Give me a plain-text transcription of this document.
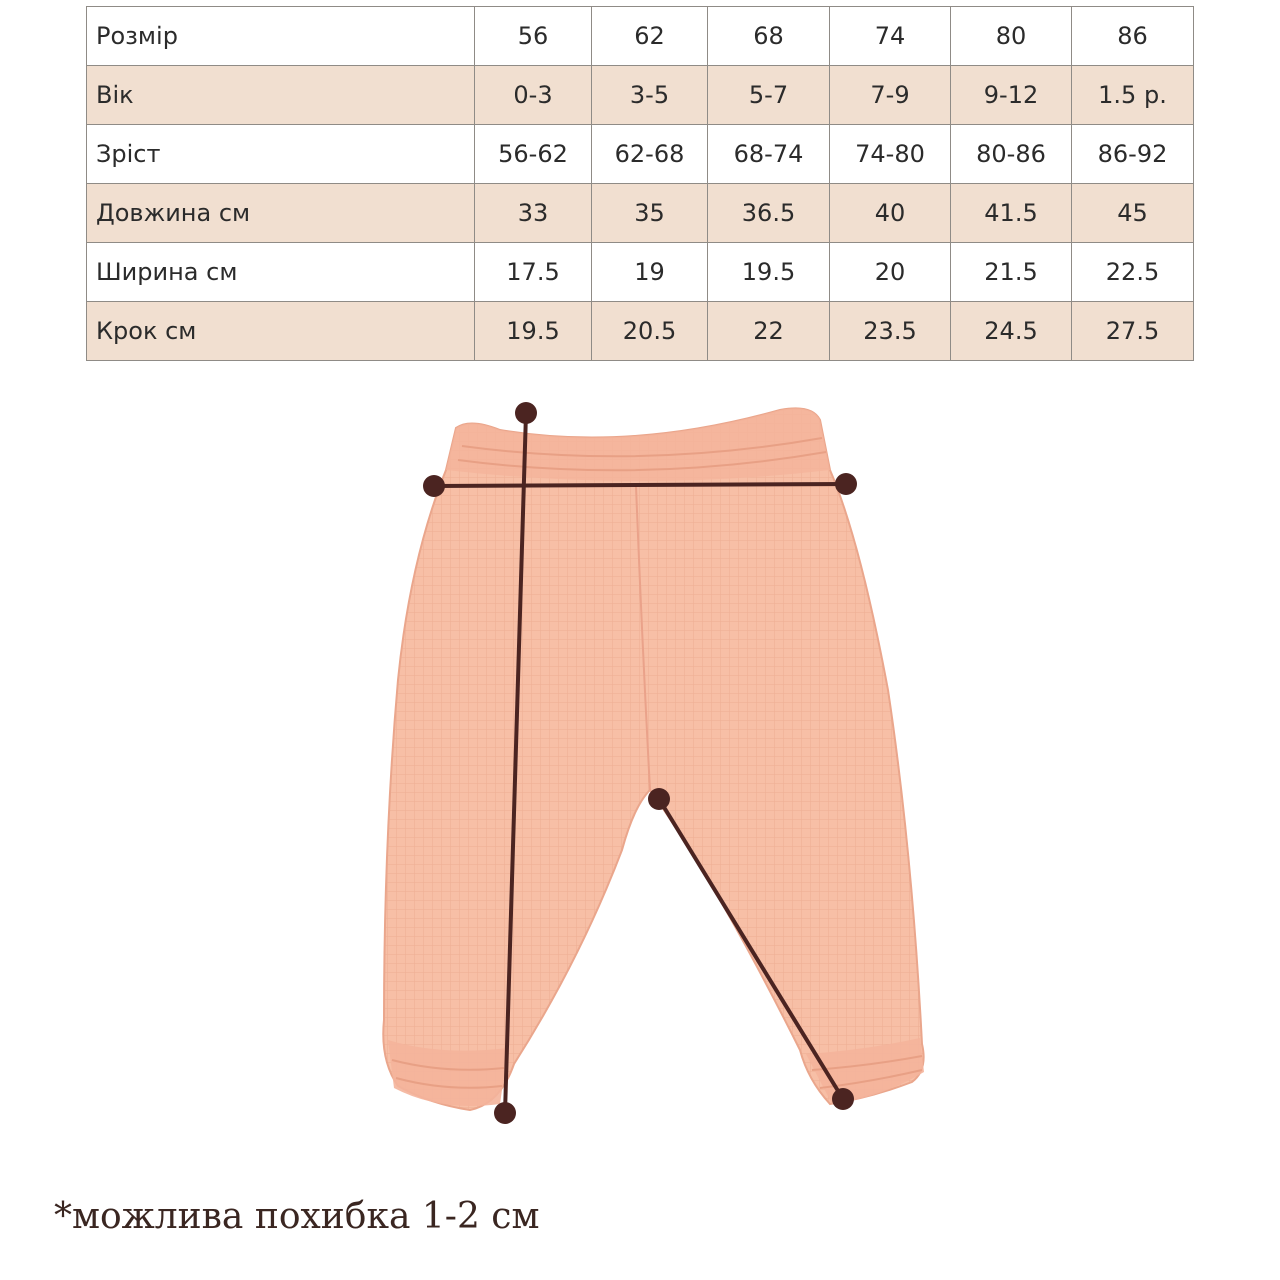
Розмір	56	62	68	74	80	86
Вік	0-3	3-5	5-7	7-9	9-12	1.5 р.
Зріст	56-62	62-68	68-74	74-80	80-86	86-92
Довжина см	33	35	36.5	40	41.5	45
Ширина см	17.5	19	19.5	20	21.5	22.5
Крок см	19.5	20.5	22	23.5	24.5	27.5
*можлива похибка 1-2 см
